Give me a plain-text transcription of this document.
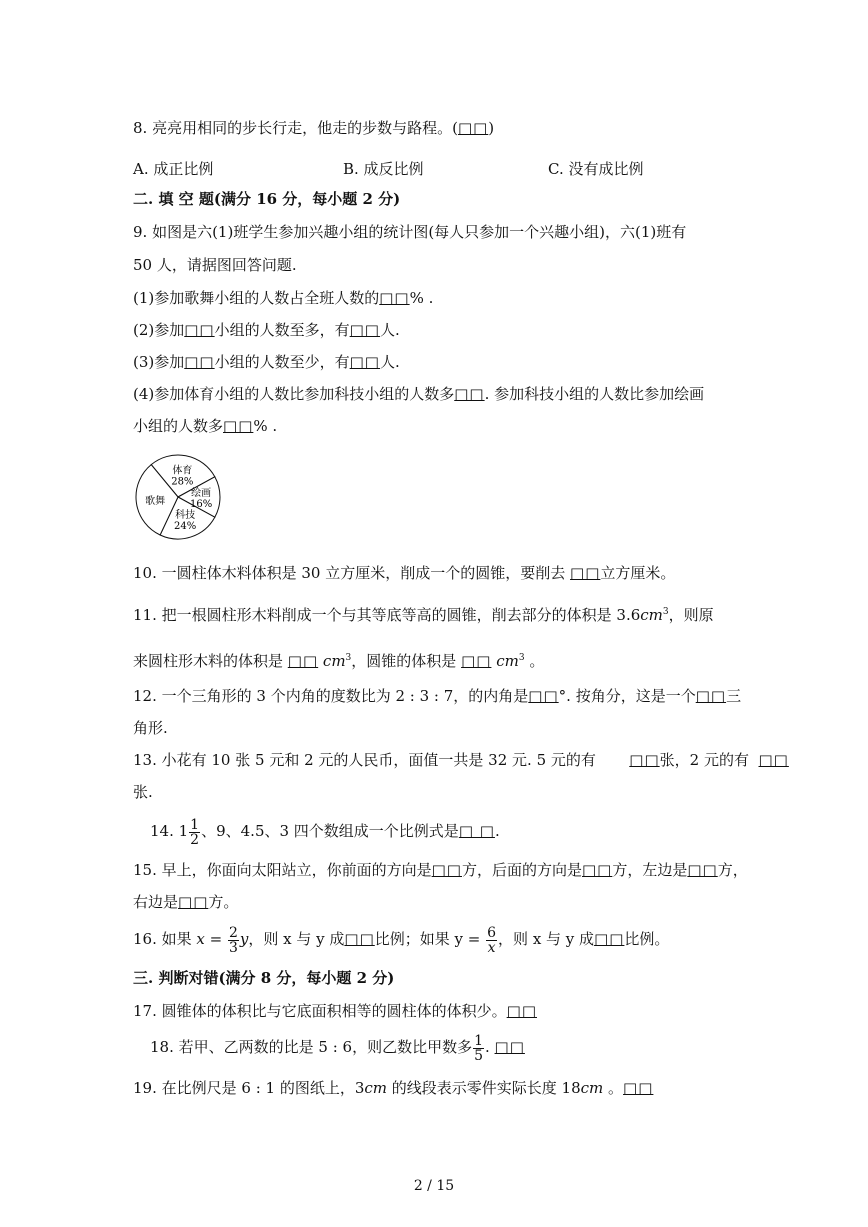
8. 亮亮用相同的步长行走，他走的步数与路程。(□□)
A. 成正比例	B. 成反比例	C. 没有成比例
二. 填 空 题(满分 16 分，每小题 2 分)
9. 如图是六(1)班学生参加兴趣小组的统计图(每人只参加一个兴趣小组)，六(1)班有
50 人，请据图回答问题.
(1)参加歌舞小组的人数占全班人数的□□% .
(2)参加□□小组的人数至多，有□□人.
(3)参加□□小组的人数至少，有□□人.
(4)参加体育小组的人数比参加科技小组的人数多□□. 参加科技小组的人数比参加绘画
小组的人数多□□% .
体育
28%
绘画
16%
科技
24%
歌舞
10. 一圆柱体木料体积是 30 立方厘米，削成一个的圆锥，要削去 □□立方厘米。
11. 把一根圆柱形木料削成一个与其等底等高的圆锥，削去部分的体积是 $3.6cm^3$，则原
来圆柱形木料的体积是 □□ $cm^3$，圆锥的体积是 □□ $cm^3$ 。
12. 一个三角形的 3 个内角的度数比为 2 : 3 : 7，的内角是□□°. 按角分，这是一个□□三
角形.
13. 小花有 10 张 5 元和 2 元的人民币，面值一共是 32 元. 5 元的有 □□张，2 元的有 □□
张.
14. $1 \frac{1}{2}$ 、9、4.5、3 四个数组成一个比例式是□ □.
15. 早上，你面向太阳站立，你前面的方向是□□方，后面的方向是□□方，左边是□□方，
右边是□□方。
16. 如果 $x = \frac{2}{3}$ y，则 x 与 y 成□□比例；如果 $y = \frac{6}{x}$ ，则 x 与 y 成□□比例。
三. 判断对错(满分 8 分，每小题 2 分)
17. 圆锥体的体积比与它底面积相等的圆柱体的体积少。□□
18. 若甲、乙两数的比是 5 : 6，则乙数比甲数多 $\frac{1}{5}$ . □□
19. 在比例尺是 6 : 1 的图纸上，3cm 的线段表示零件实际长度 18cm 。□□
2 / 15
